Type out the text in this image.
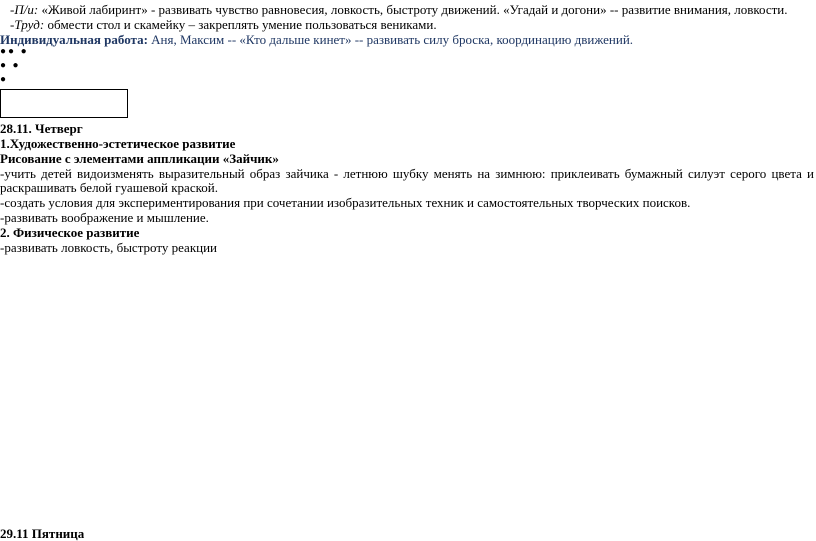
-П/и: «Живой лабиринт» - развивать чувство равновесия, ловкость, быстроту движений. «Угадай и догони» -- развитие внимания, ловкости.
-Труд: обмести стол и скамейку – закреплять умение пользоваться вениками.
Индивидуальная работа: Аня, Максим -- «Кто дальше кинет» -- развивать силу броска, координацию движений.
●● ●
● ●
●
28.11. Четверг
1.Художественно-эстетическое развитие
Рисование с элементами аппликации «Зайчик»
-учить детей видоизменять выразительный образ зайчика - летнюю шубку менять на зимнюю: приклеивать бумажный силуэт серого цвета и
раскрашивать белой гуашевой краской.
-создать условия для экспериментирования при сочетании изобразительных техник и самостоятельных творческих поисков.
-развивать воображение и мышление.
2. Физическое развитие
-развивать ловкость, быстроту реакции
29.11 Пятница
